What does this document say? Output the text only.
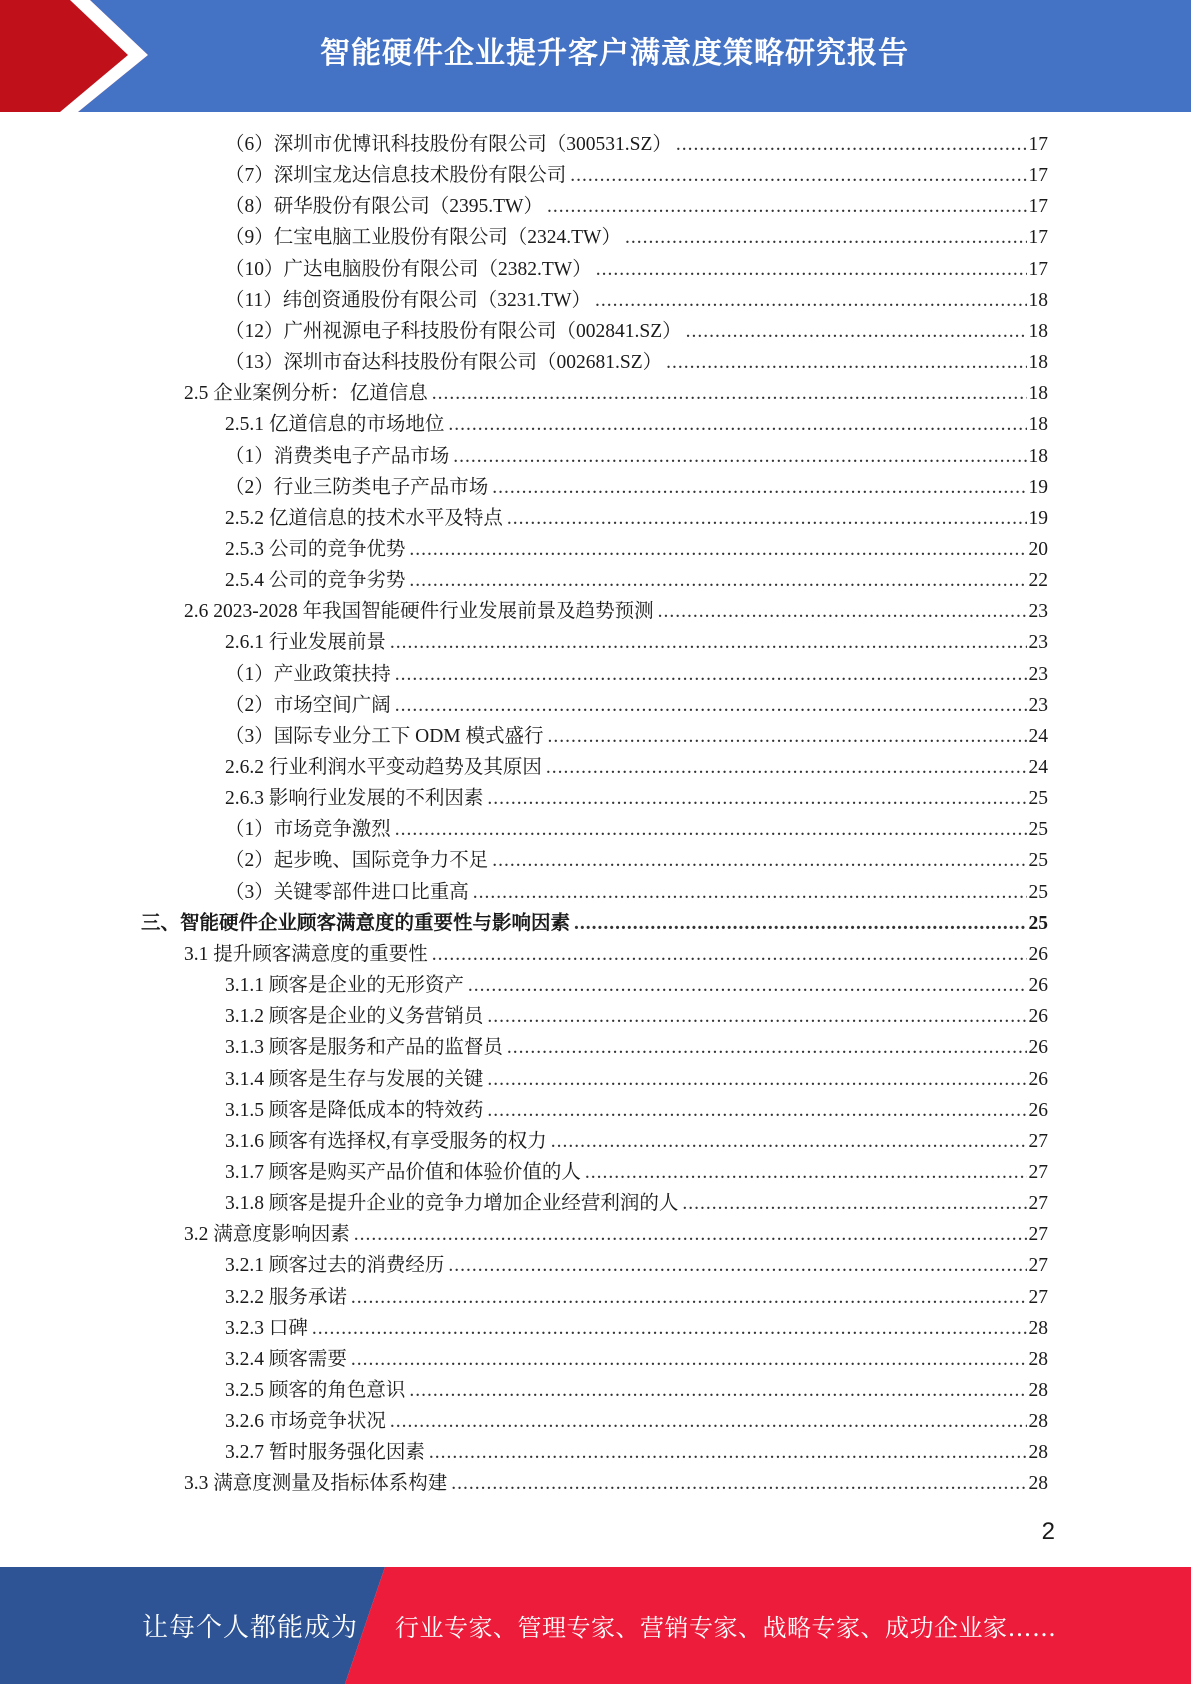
智能硬件企业提升客户满意度策略研究报告
（6）深圳市优博讯科技股份有限公司（300531.SZ） .....	17
（7）深圳宝龙达信息技术股份有限公司 .....	17
（8）研华股份有限公司（2395.TW） .....	17
（9）仁宝电脑工业股份有限公司（2324.TW） .....	17
（10）广达电脑股份有限公司（2382.TW） .....	17
（11）纬创资通股份有限公司（3231.TW） .....	18
（12）广州视源电子科技股份有限公司（002841.SZ） .....	18
（13）深圳市奋达科技股份有限公司（002681.SZ） .....	18
2.5 企业案例分析：亿道信息 .....	18
2.5.1 亿道信息的市场地位 .....	18
（1）消费类电子产品市场 .....	18
（2）行业三防类电子产品市场 .....	19
2.5.2 亿道信息的技术水平及特点 .....	19
2.5.3 公司的竞争优势 .....	20
2.5.4 公司的竞争劣势 .....	22
2.6 2023-2028 年我国智能硬件行业发展前景及趋势预测 .....	23
2.6.1 行业发展前景 .....	23
（1）产业政策扶持 .....	23
（2）市场空间广阔 .....	23
（3）国际专业分工下 ODM 模式盛行 .....	24
2.6.2 行业利润水平变动趋势及其原因 .....	24
2.6.3 影响行业发展的不利因素 .....	25
（1）市场竞争激烈 .....	25
（2）起步晚、国际竞争力不足 .....	25
（3）关键零部件进口比重高 .....	25
三、智能硬件企业顾客满意度的重要性与影响因素 .....	25
3.1 提升顾客满意度的重要性 .....	26
3.1.1 顾客是企业的无形资产 .....	26
3.1.2 顾客是企业的义务营销员 .....	26
3.1.3 顾客是服务和产品的监督员 .....	26
3.1.4 顾客是生存与发展的关键 .....	26
3.1.5 顾客是降低成本的特效药 .....	26
3.1.6 顾客有选择权,有享受服务的权力 .....	27
3.1.7 顾客是购买产品价值和体验价值的人 .....	27
3.1.8 顾客是提升企业的竞争力增加企业经营利润的人 .....	27
3.2 满意度影响因素 .....	27
3.2.1 顾客过去的消费经历 .....	27
3.2.2 服务承诺 .....	27
3.2.3 口碑 .....	28
3.2.4 顾客需要 .....	28
3.2.5 顾客的角色意识 .....	28
3.2.6 市场竞争状况 .....	28
3.2.7 暂时服务强化因素 .....	28
3.3 满意度测量及指标体系构建 .....	28
2
让每个人都能成为 行业专家、管理专家、营销专家、战略专家、成功企业家……
